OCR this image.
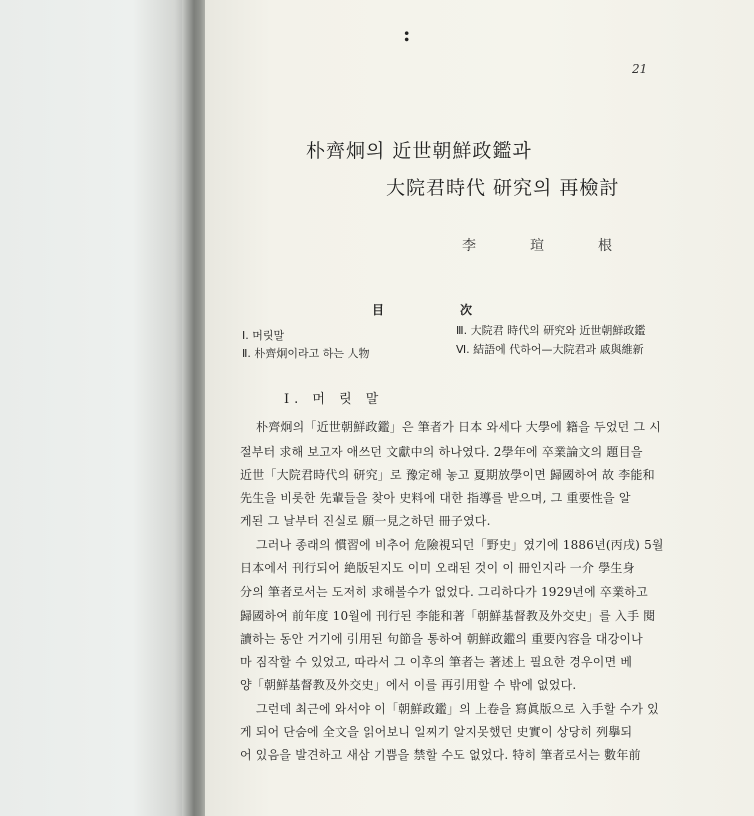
:
21
朴齊炯의 近世朝鮮政鑑과
大院君時代 研究의 再檢討
李	瑄	根
目	次
I. 머릿말
Ⅱ. 朴齊炯이라고 하는 人物
Ⅲ. 大院君 時代의 研究와 近世朝鮮政鑑
Ⅵ. 結語에 代하어—大院君과 戚與維新
I. 머 릿 말
朴齊炯의「近世朝鮮政鑑」은 筆者가 日本 와세다 大學에 籍을 두었던 그 시
절부터 求해 보고자 애쓰던 文獻中의 하나였다. 2學年에 卒業論文의 題目을
近世「大院君時代의 研究」로 豫定해 놓고 夏期放學이면 歸國하여 故 李能和
先生을 비롯한 先輩들을 찾아 史料에 대한 指導를 받으며, 그 重要性을 알
게된 그 날부터 진실로 願一見之하던 冊子였다.
그러나 종래의 慣習에 비추어 危險視되던「野史」였기에 1886년(丙戌) 5월
日本에서 刊行되어 絶版된지도 이미 오래된 것이 이 冊인지라 一介 學生身
分의 筆者로서는 도저히 求해볼수가 없었다. 그리하다가 1929년에 卒業하고
歸國하여 前年度 10월에 刊行된 李能和著「朝鮮基督教及外交史」를 入手 閱
讀하는 동안 거기에 引用된 句節을 통하여 朝鮮政鑑의 重要內容을 대강이나
마 짐작할 수 있었고, 따라서 그 이후의 筆者는 著述上 필요한 경우이면 베
양「朝鮮基督教及外交史」에서 이를 再引用할 수 밖에 없었다.
그런데 최근에 와서야 이「朝鮮政鑑」의 上卷을 寫眞版으로 入手할 수가 있
게 되어 단숨에 全文을 읽어보니 일찌기 알지못했던 史實이 상당히 列擧되
어 있음을 발견하고 새삼 기쁨을 禁할 수도 없었다. 特히 筆者로서는 數年前
